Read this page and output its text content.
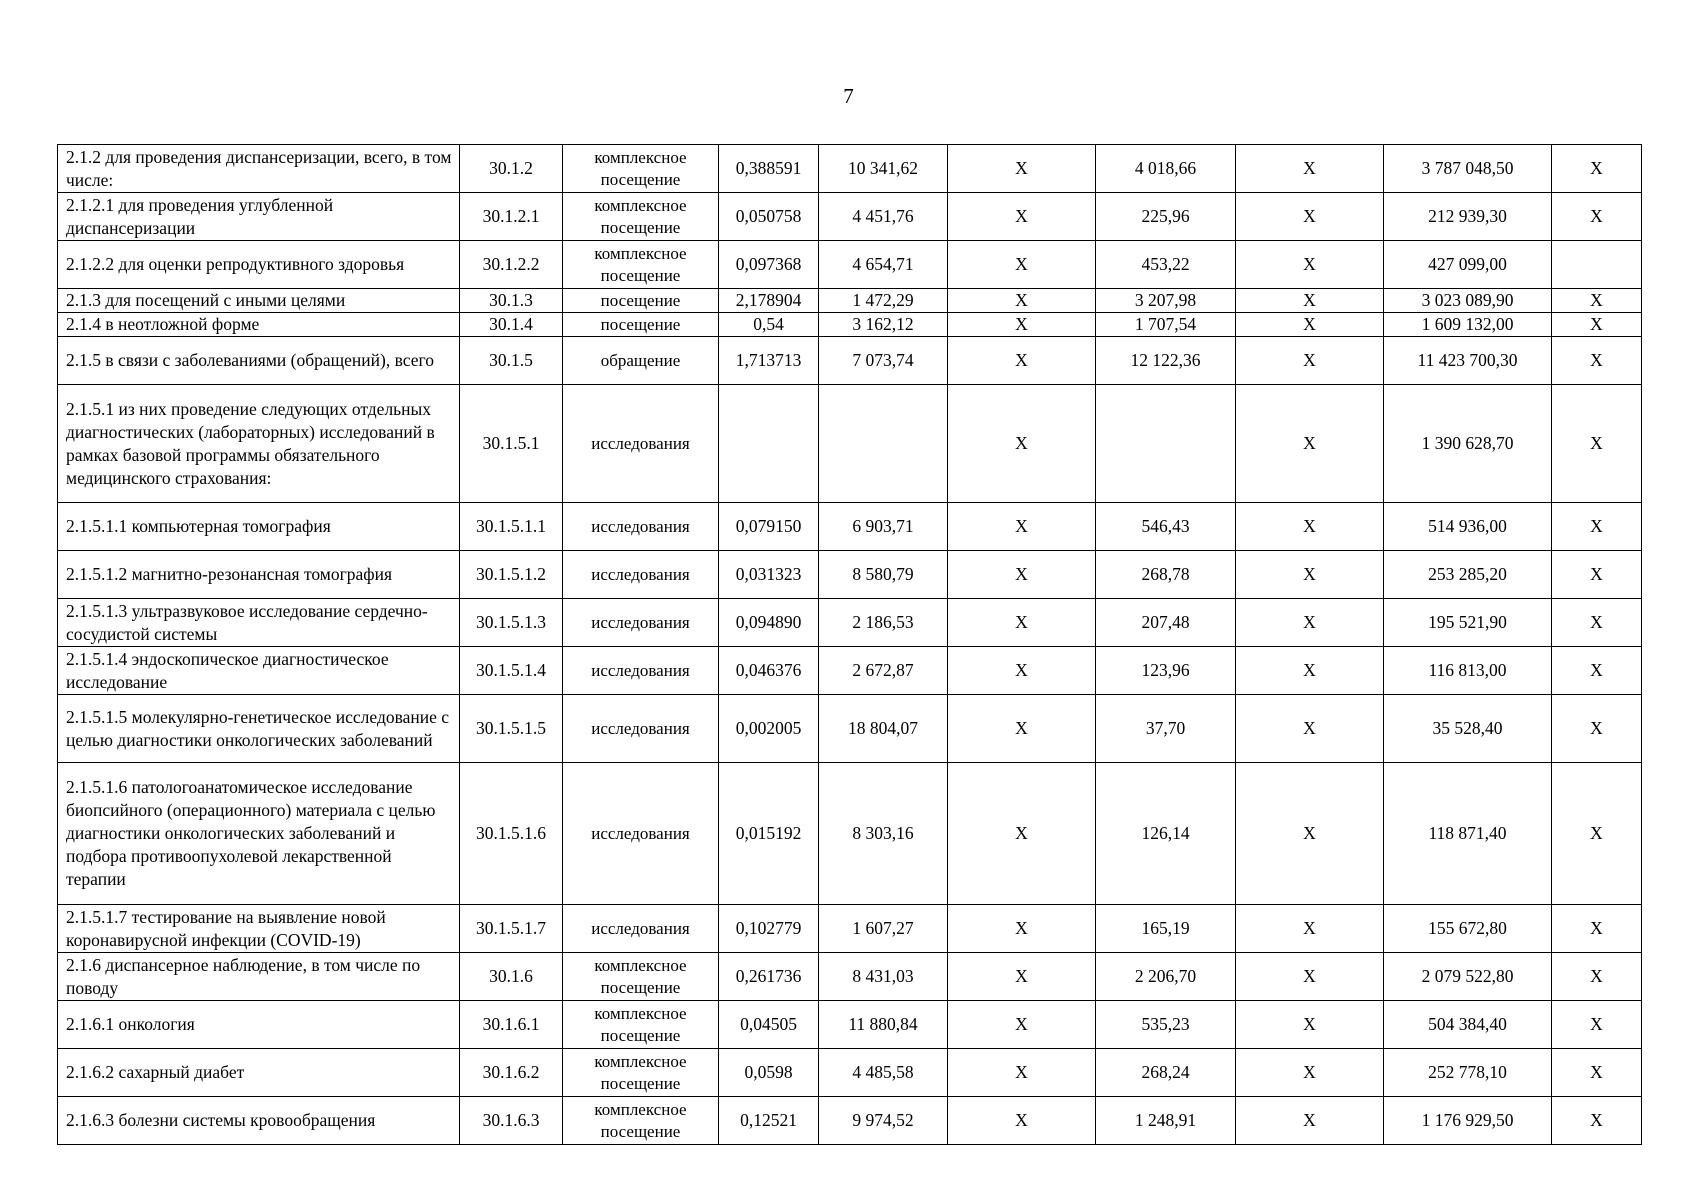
7
2.1.2 для проведения диспансеризации, всего, в том числе:	30.1.2	комплексное посещение	0,388591	10 341,62	X	4 018,66	X	3 787 048,50	X
2.1.2.1 для проведения углубленной диспансеризации	30.1.2.1	комплексное посещение	0,050758	4 451,76	X	225,96	X	212 939,30	X
2.1.2.2 для оценки репродуктивного здоровья	30.1.2.2	комплексное посещение	0,097368	4 654,71	X	453,22	X	427 099,00	
2.1.3 для посещений с иными целями	30.1.3	посещение	2,178904	1 472,29	X	3 207,98	X	3 023 089,90	X
2.1.4 в неотложной форме	30.1.4	посещение	0,54	3 162,12	X	1 707,54	X	1 609 132,00	X
2.1.5 в связи с заболеваниями (обращений), всего	30.1.5	обращение	1,713713	7 073,74	X	12 122,36	X	11 423 700,30	X
2.1.5.1 из них проведение следующих отдельных диагностических (лабораторных) исследований в рамках базовой программы обязательного медицинского страхования:	30.1.5.1	исследования			X		X	1 390 628,70	X
2.1.5.1.1 компьютерная томография	30.1.5.1.1	исследования	0,079150	6 903,71	X	546,43	X	514 936,00	X
2.1.5.1.2 магнитно-резонансная томография	30.1.5.1.2	исследования	0,031323	8 580,79	X	268,78	X	253 285,20	X
2.1.5.1.3 ультразвуковое исследование сердечно-сосудистой системы	30.1.5.1.3	исследования	0,094890	2 186,53	X	207,48	X	195 521,90	X
2.1.5.1.4 эндоскопическое диагностическое исследование	30.1.5.1.4	исследования	0,046376	2 672,87	X	123,96	X	116 813,00	X
2.1.5.1.5 молекулярно-генетическое исследование с целью диагностики онкологических заболеваний	30.1.5.1.5	исследования	0,002005	18 804,07	X	37,70	X	35 528,40	X
2.1.5.1.6 патологоанатомическое исследование биопсийного (операционного) материала с целью диагностики онкологических заболеваний и подбора противоопухолевой лекарственной терапии	30.1.5.1.6	исследования	0,015192	8 303,16	X	126,14	X	118 871,40	X
2.1.5.1.7 тестирование на выявление новой коронавирусной инфекции (COVID-19)	30.1.5.1.7	исследования	0,102779	1 607,27	X	165,19	X	155 672,80	X
2.1.6 диспансерное наблюдение, в том числе по поводу	30.1.6	комплексное посещение	0,261736	8 431,03	X	2 206,70	X	2 079 522,80	X
2.1.6.1 онкология	30.1.6.1	комплексное посещение	0,04505	11 880,84	X	535,23	X	504 384,40	X
2.1.6.2 сахарный диабет	30.1.6.2	комплексное посещение	0,0598	4 485,58	X	268,24	X	252 778,10	X
2.1.6.3 болезни системы кровообращения	30.1.6.3	комплексное посещение	0,12521	9 974,52	X	1 248,91	X	1 176 929,50	X
